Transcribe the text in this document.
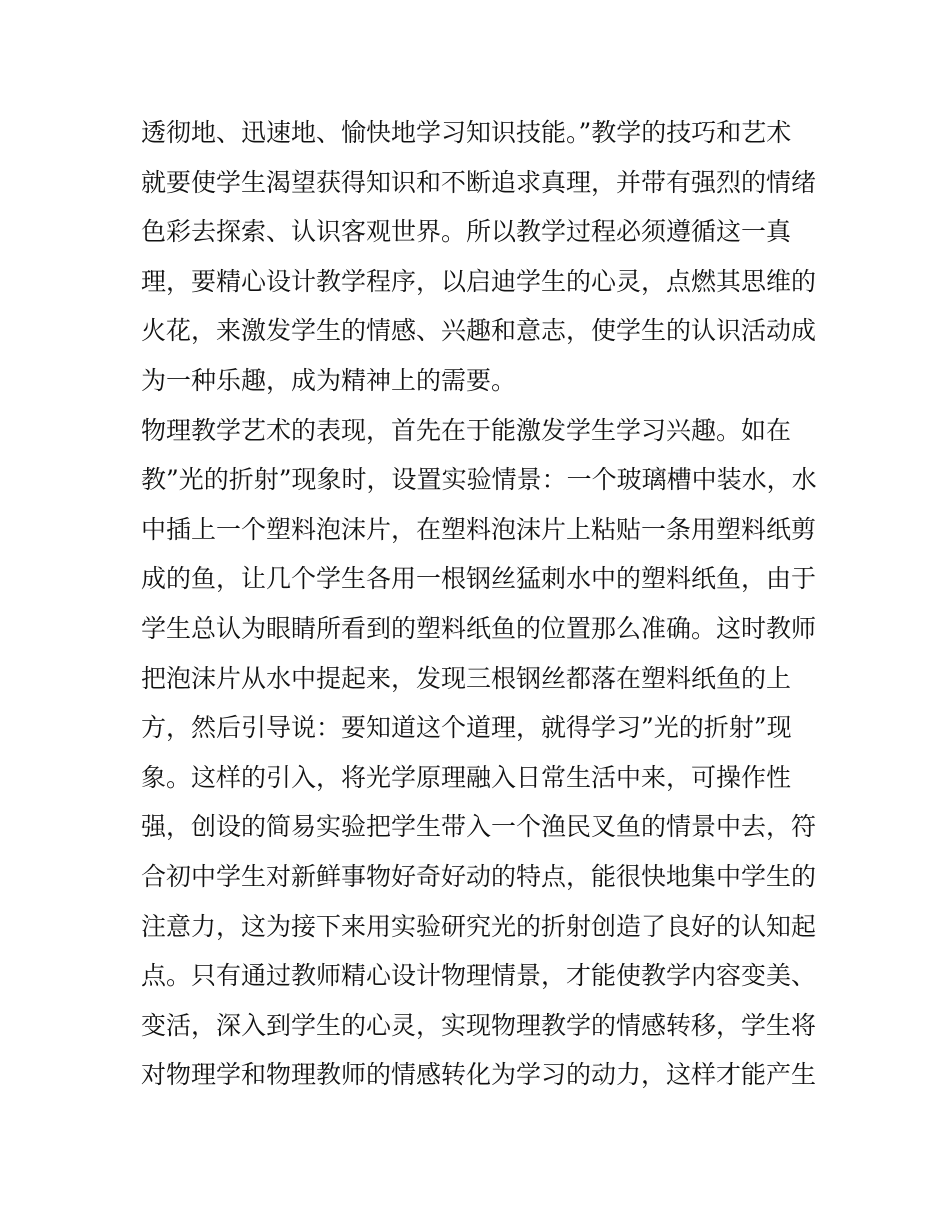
透彻地、迅速地、愉快地学习知识技能。”教学的技巧和艺术
就要使学生渴望获得知识和不断追求真理，并带有强烈的情绪
色彩去探索、认识客观世界。所以教学过程必须遵循这一真
理，要精心设计教学程序，以启迪学生的心灵，点燃其思维的
火花，来激发学生的情感、兴趣和意志，使学生的认识活动成
为一种乐趣，成为精神上的需要。
物理教学艺术的表现，首先在于能激发学生学习兴趣。如在
教”光的折射”现象时，设置实验情景：一个玻璃槽中装水，水
中插上一个塑料泡沫片，在塑料泡沫片上粘贴一条用塑料纸剪
成的鱼，让几个学生各用一根钢丝猛刺水中的塑料纸鱼，由于
学生总认为眼睛所看到的塑料纸鱼的位置那么准确。这时教师
把泡沫片从水中提起来，发现三根钢丝都落在塑料纸鱼的上
方，然后引导说：要知道这个道理，就得学习”光的折射”现
象。这样的引入，将光学原理融入日常生活中来，可操作性
强，创设的简易实验把学生带入一个渔民叉鱼的情景中去，符
合初中学生对新鲜事物好奇好动的特点，能很快地集中学生的
注意力，这为接下来用实验研究光的折射创造了良好的认知起
点。只有通过教师精心设计物理情景，才能使教学内容变美、
变活，深入到学生的心灵，实现物理教学的情感转移，学生将
对物理学和物理教师的情感转化为学习的动力，这样才能产生
